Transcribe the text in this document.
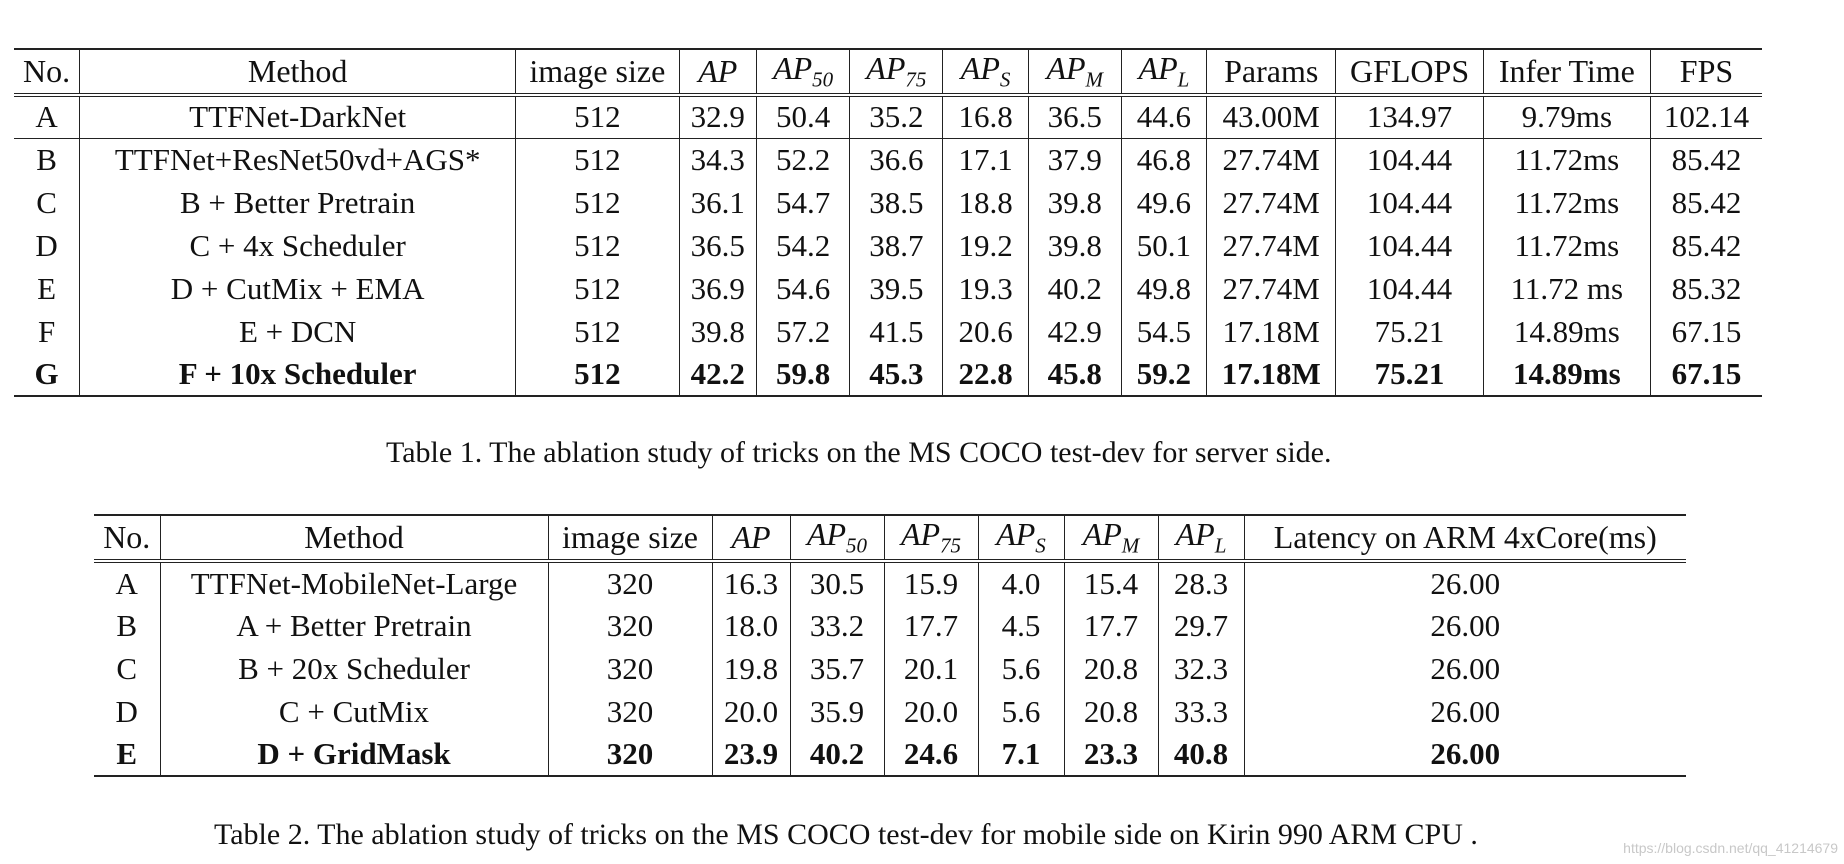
No.	Method	image size	AP	$AP_{50}$	$AP_{75}$	$AP_S$	$AP_M$	$AP_L$	Params	GFLOPS	Infer Time	FPS
A	TTFNet-DarkNet	512	32.9	50.4	35.2	16.8	36.5	44.6	43.00M	134.97	9.79ms	102.14
B	TTFNet+ResNet50vd+AGS*	512	34.3	52.2	36.6	17.1	37.9	46.8	27.74M	104.44	11.72ms	85.42
C	B + Better Pretrain	512	36.1	54.7	38.5	18.8	39.8	49.6	27.74M	104.44	11.72ms	85.42
D	C + 4x Scheduler	512	36.5	54.2	38.7	19.2	39.8	50.1	27.74M	104.44	11.72ms	85.42
E	D + CutMix + EMA	512	36.9	54.6	39.5	19.3	40.2	49.8	27.74M	104.44	11.72 ms	85.32
F	E + DCN	512	39.8	57.2	41.5	20.6	42.9	54.5	17.18M	75.21	14.89ms	67.15
G	F + 10x Scheduler	512	42.2	59.8	45.3	22.8	45.8	59.2	17.18M	75.21	14.89ms	67.15
No.	Method	image size	AP	$AP_{50}$	$AP_{75}$	$AP_S$	$AP_M$	$AP_L$	Latency on ARM 4xCore(ms)
A	TTFNet-MobileNet-Large	320	16.3	30.5	15.9	4.0	15.4	28.3	26.00
B	A + Better Pretrain	320	18.0	33.2	17.7	4.5	17.7	29.7	26.00
C	B + 20x Scheduler	320	19.8	35.7	20.1	5.6	20.8	32.3	26.00
D	C + CutMix	320	20.0	35.9	20.0	5.6	20.8	33.3	26.00
E	D + GridMask	320	23.9	40.2	24.6	7.1	23.3	40.8	26.00
Table 1. The ablation study of tricks on the MS COCO test-dev for server side.
Table 2. The ablation study of tricks on the MS COCO test-dev for mobile side on Kirin 990 ARM CPU .	https://blog.csdn.net/qq_41214679
